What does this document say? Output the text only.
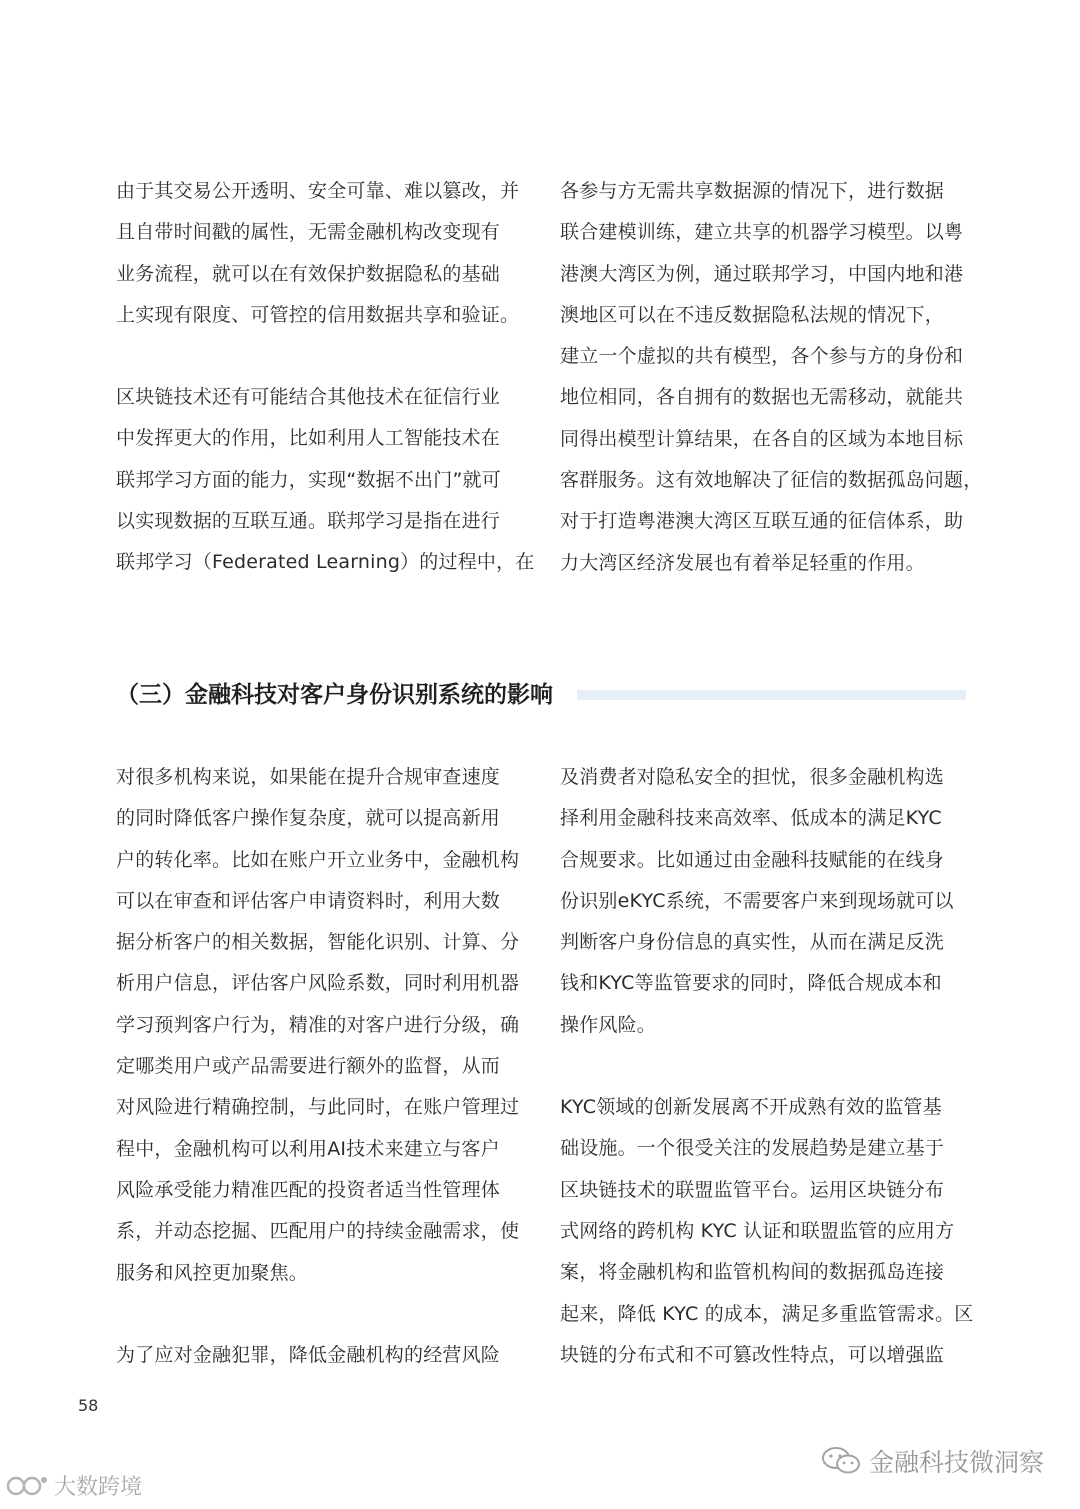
由于其交易公开透明、安全可靠、难以篡改，并

且自带时间戳的属性，无需金融机构改变现有

业务流程，就可以在有效保护数据隐私的基础

上实现有限度、可管控的信用数据共享和验证。

区块链技术还有可能结合其他技术在征信行业

中发挥更大的作用，比如利用人工智能技术在

联邦学习方面的能力，实现“数据不出门”就可

以实现数据的互联互通。联邦学习是指在进行

联邦学习（Federated Learning）的过程中，在

各参与方无需共享数据源的情况下，进行数据

联合建模训练，建立共享的机器学习模型。以粤

港澳大湾区为例，通过联邦学习，中国内地和港

澳地区可以在不违反数据隐私法规的情况下，

建立一个虚拟的共有模型，各个参与方的身份和

地位相同，各自拥有的数据也无需移动，就能共

同得出模型计算结果，在各自的区域为本地目标

客群服务。这有效地解决了征信的数据孤岛问题，

对于打造粤港澳大湾区互联互通的征信体系，助

力大湾区经济发展也有着举足轻重的作用。

（三）金融科技对客户身份识别系统的影响

对很多机构来说，如果能在提升合规审查速度

的同时降低客户操作复杂度，就可以提高新用

户的转化率。比如在账户开立业务中，金融机构

可以在审查和评估客户申请资料时，利用大数

据分析客户的相关数据，智能化识别、计算、分

析用户信息，评估客户风险系数，同时利用机器

学习预判客户行为，精准的对客户进行分级，确

定哪类用户或产品需要进行额外的监督，从而

对风险进行精确控制，与此同时，在账户管理过

程中，金融机构可以利用AI技术来建立与客户

风险承受能力精准匹配的投资者适当性管理体

系，并动态挖掘、匹配用户的持续金融需求，使

服务和风控更加聚焦。

为了应对金融犯罪，降低金融机构的经营风险

及消费者对隐私安全的担忧，很多金融机构选

择利用金融科技来高效率、低成本的满足KYC

合规要求。比如通过由金融科技赋能的在线身

份识别eKYC系统，不需要客户来到现场就可以

判断客户身份信息的真实性，从而在满足反洗

钱和KYC等监管要求的同时，降低合规成本和

操作风险。

KYC领域的创新发展离不开成熟有效的监管基

础设施。一个很受关注的发展趋势是建立基于

区块链技术的联盟监管平台。运用区块链分布

式网络的跨机构 KYC 认证和联盟监管的应用方

案，将金融机构和监管机构间的数据孤岛连接

起来，降低 KYC 的成本，满足多重监管需求。区

块链的分布式和不可篡改性特点，可以增强监

58
大数跨境
金融科技微洞察
